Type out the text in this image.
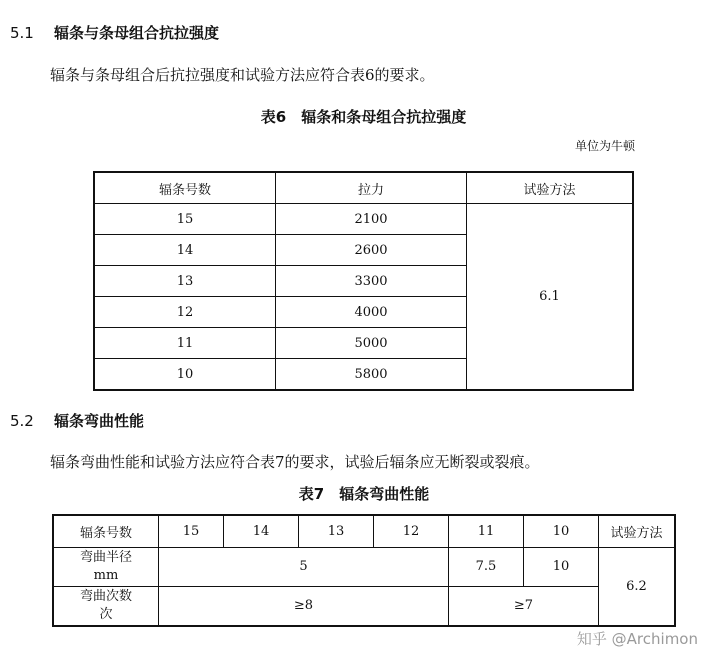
5.1 辐条与条母组合抗拉强度
辐条与条母组合后抗拉强度和试验方法应符合表6的要求。
表6　辐条和条母组合抗拉强度
单位为牛顿
辐条号数	拉力	试验方法
15	2100	6.1
14	2600	
13	3300	
12	4000	
11	5000	
10	5800	
5.2 辐条弯曲性能
辐条弯曲性能和试验方法应符合表7的要求，试验后辐条应无断裂或裂痕。
表7　辐条弯曲性能
辐条号数	15	14	13	12	11	10	试验方法
弯曲半径
mm	5				7.5	10	6.2
弯曲次数
次	≥8				≥7		
知乎 @Archimon
